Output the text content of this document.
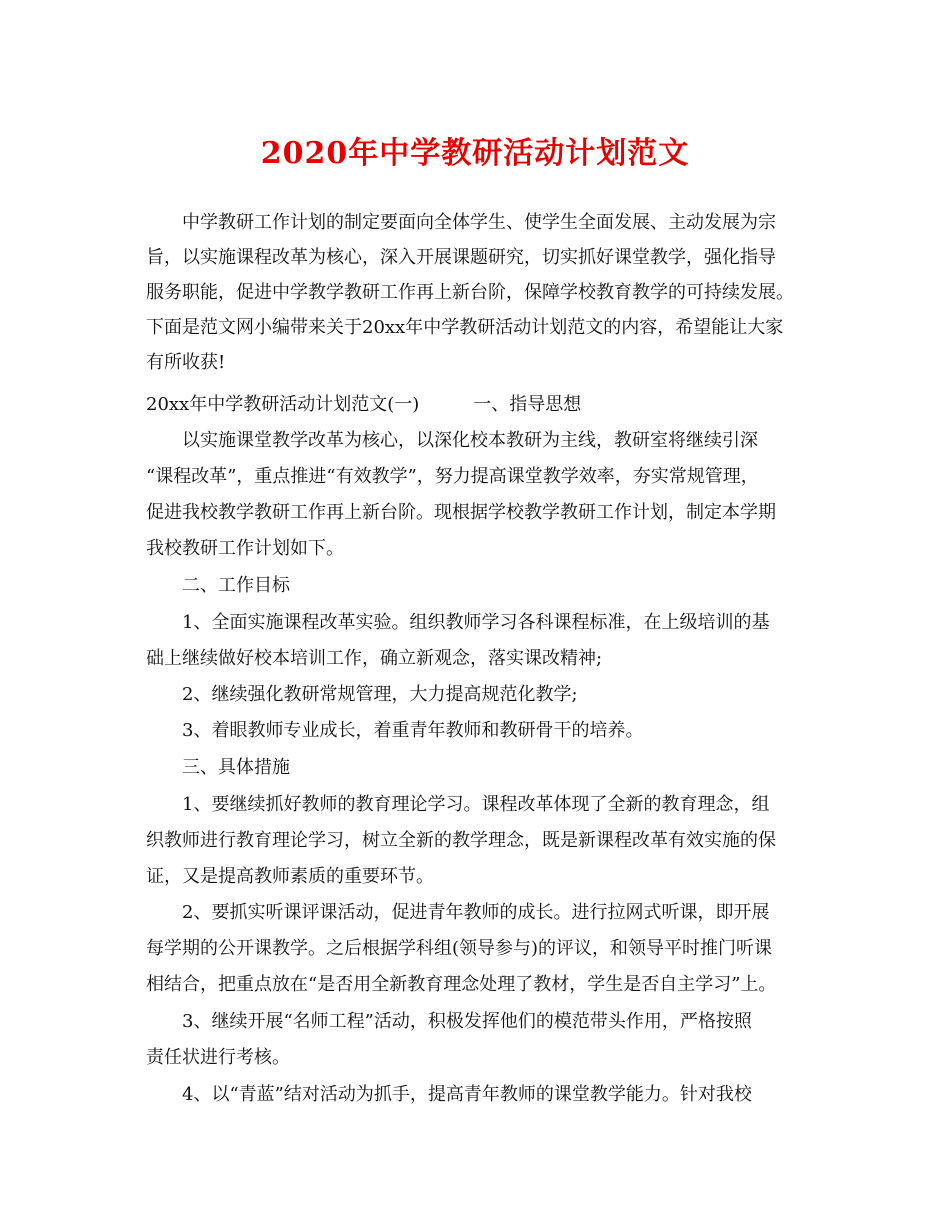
2020年中学教研活动计划范文
中学教研工作计划的制定要面向全体学生、使学生全面发展、主动发展为宗
旨，以实施课程改革为核心，深入开展课题研究，切实抓好课堂教学，强化指导
服务职能，促进中学教学教研工作再上新台阶，保障学校教育教学的可持续发展。
下面是范文网小编带来关于20xx年中学教研活动计划范文的内容，希望能让大家
有所收获!
20xx年中学教研活动计划范文(一)　　　一、指导思想
以实施课堂教学改革为核心，以深化校本教研为主线，教研室将继续引深
“课程改革”，重点推进“有效教学”，努力提高课堂教学效率，夯实常规管理，
促进我校教学教研工作再上新台阶。现根据学校教学教研工作计划，制定本学期
我校教研工作计划如下。
二、工作目标
1、全面实施课程改革实验。组织教师学习各科课程标准，在上级培训的基
础上继续做好校本培训工作，确立新观念，落实课改精神;
2、继续强化教研常规管理，大力提高规范化教学;
3、着眼教师专业成长，着重青年教师和教研骨干的培养。
三、具体措施
1、要继续抓好教师的教育理论学习。课程改革体现了全新的教育理念，组
织教师进行教育理论学习，树立全新的教学理念，既是新课程改革有效实施的保
证，又是提高教师素质的重要环节。
2、要抓实听课评课活动，促进青年教师的成长。进行拉网式听课，即开展
每学期的公开课教学。之后根据学科组(领导参与)的评议，和领导平时推门听课
相结合，把重点放在“是否用全新教育理念处理了教材，学生是否自主学习”上。
3、继续开展“名师工程”活动，积极发挥他们的模范带头作用，严格按照
责任状进行考核。
4、以“青蓝”结对活动为抓手，提高青年教师的课堂教学能力。针对我校
